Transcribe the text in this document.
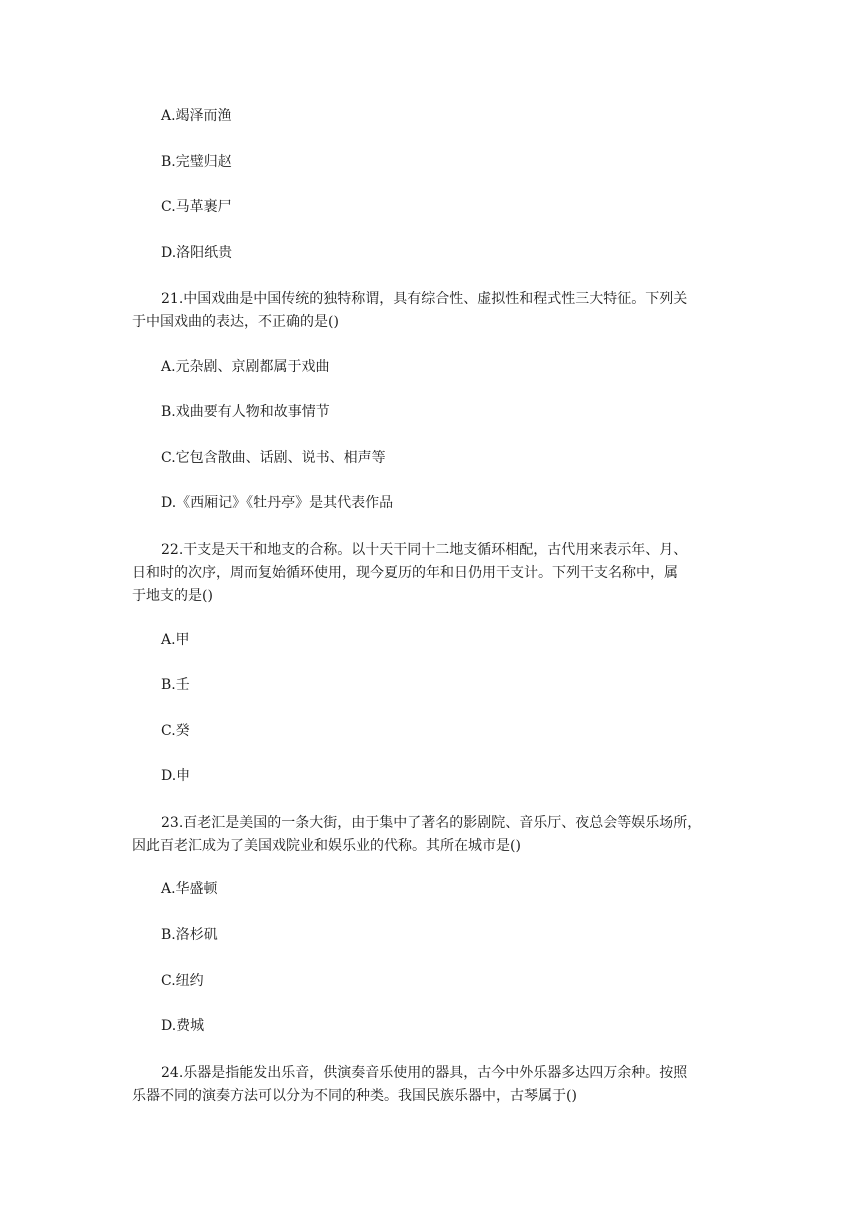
A.竭泽而渔
B.完璧归赵
C.马革裹尸
D.洛阳纸贵
21.中国戏曲是中国传统的独特称谓，具有综合性、虚拟性和程式性三大特征。下列关
于中国戏曲的表达，不正确的是()
A.元杂剧、京剧都属于戏曲
B.戏曲要有人物和故事情节
C.它包含散曲、话剧、说书、相声等
D.《西厢记》《牡丹亭》是其代表作品
22.干支是天干和地支的合称。以十天干同十二地支循环相配，古代用来表示年、月、
日和时的次序，周而复始循环使用，现今夏历的年和日仍用干支计。下列干支名称中，属
于地支的是()
A.甲
B.壬
C.癸
D.申
23.百老汇是美国的一条大街，由于集中了著名的影剧院、音乐厅、夜总会等娱乐场所，
因此百老汇成为了美国戏院业和娱乐业的代称。其所在城市是()
A.华盛顿
B.洛杉矶
C.纽约
D.费城
24.乐器是指能发出乐音，供演奏音乐使用的器具，古今中外乐器多达四万余种。按照
乐器不同的演奏方法可以分为不同的种类。我国民族乐器中，古琴属于()
